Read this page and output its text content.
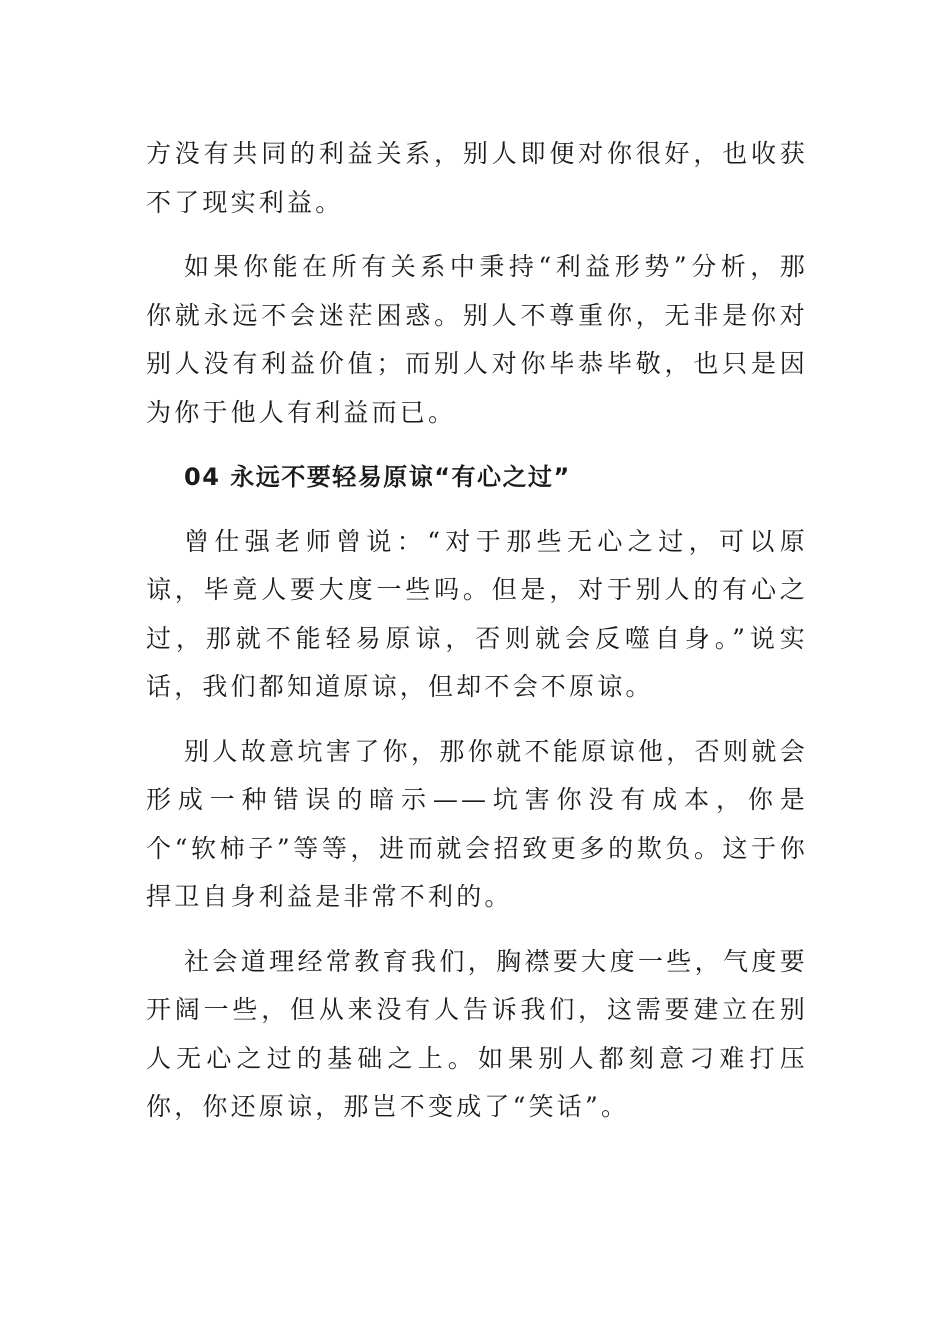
方没有共同的利益关系，别人即便对你很好，也收获不了现实利益。

如果你能在所有关系中秉持“利益形势”分析，那你就永远不会迷茫困惑。别人不尊重你，无非是你对别人没有利益价值；而别人对你毕恭毕敬，也只是因为你于他人有利益而已。

04 永远不要轻易原谅“有心之过”

曾仕强老师曾说：“对于那些无心之过，可以原谅，毕竟人要大度一些吗。但是，对于别人的有心之过，那就不能轻易原谅，否则就会反噬自身。”说实话，我们都知道原谅，但却不会不原谅。

别人故意坑害了你，那你就不能原谅他，否则就会形成一种错误的暗示——坑害你没有成本，你是个“软柿子”等等，进而就会招致更多的欺负。这于你捍卫自身利益是非常不利的。

社会道理经常教育我们，胸襟要大度一些，气度要开阔一些，但从来没有人告诉我们，这需要建立在别人无心之过的基础之上。如果别人都刻意刁难打压你，你还原谅，那岂不变成了“笑话”。
